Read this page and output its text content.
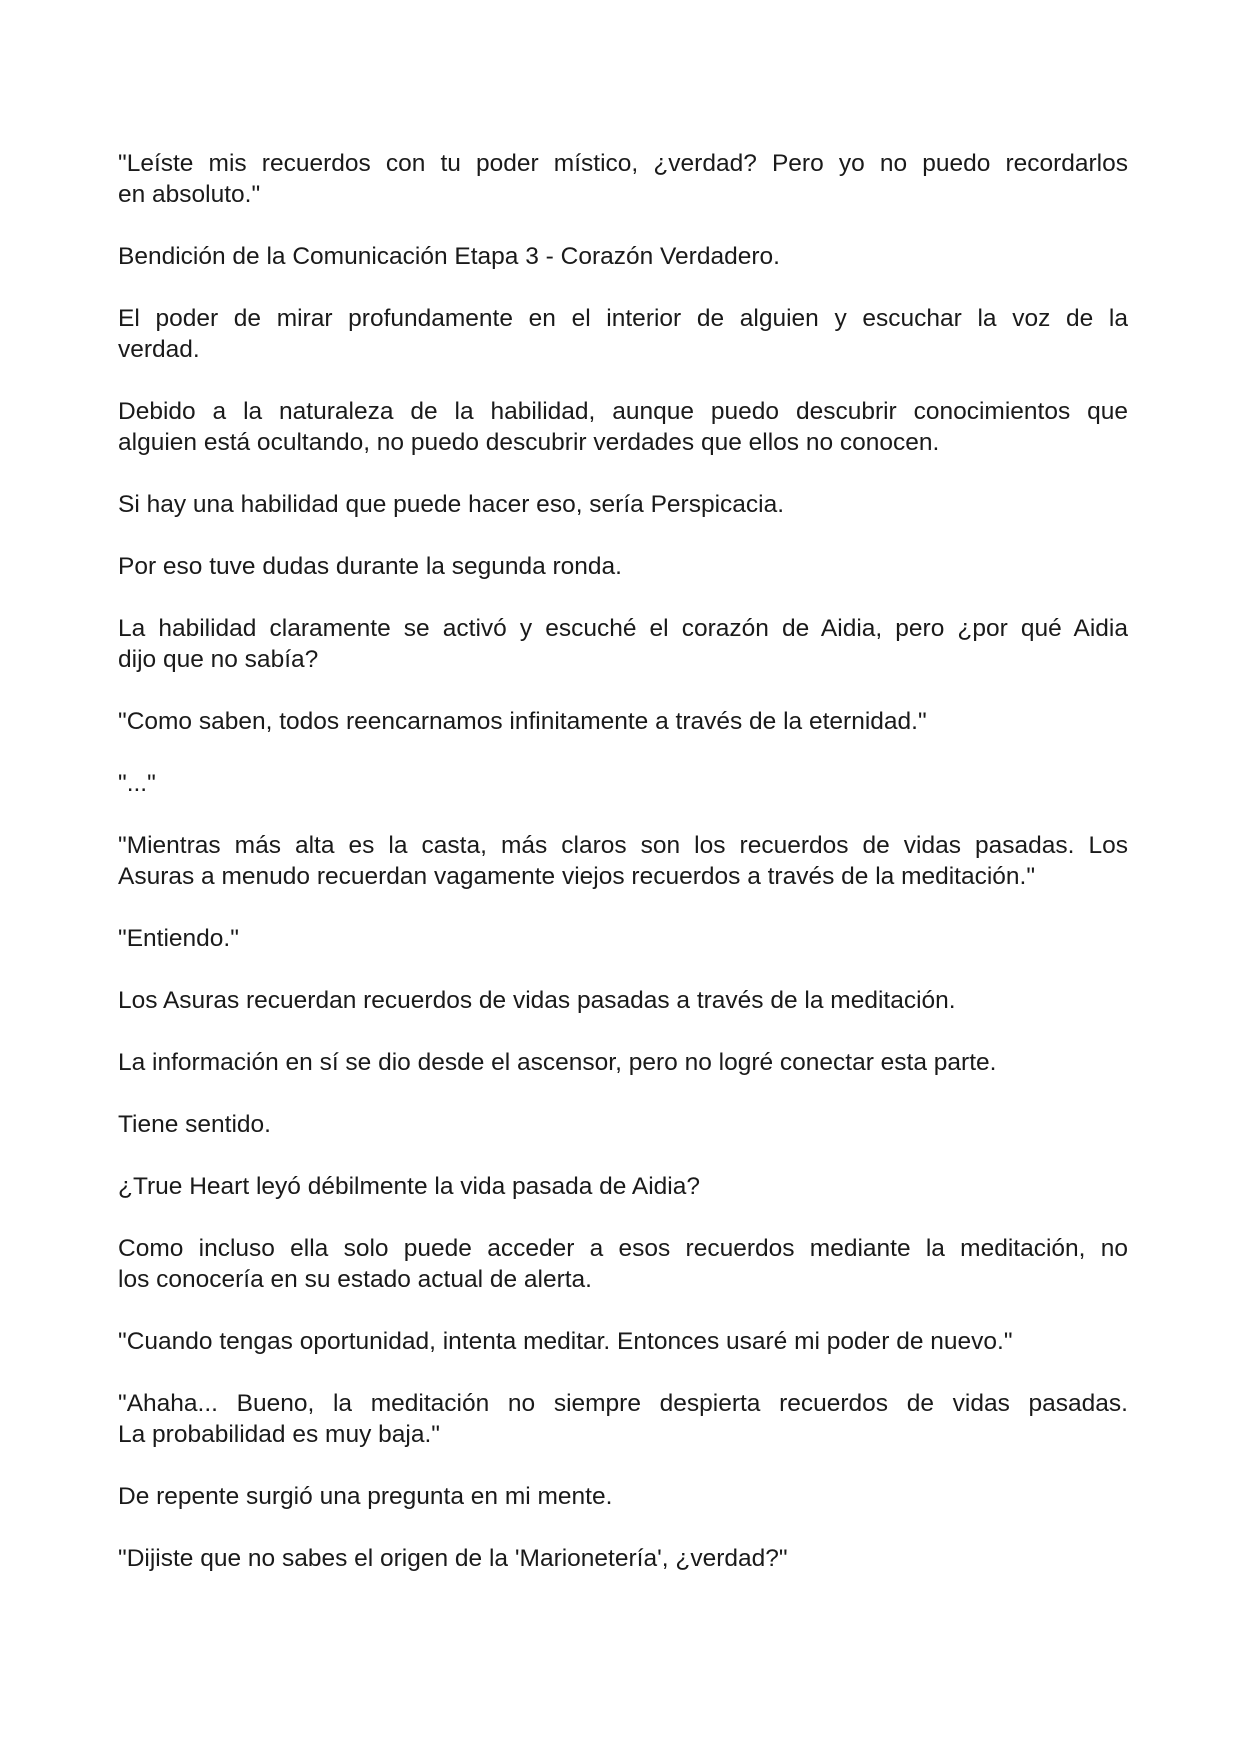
"Leíste mis recuerdos con tu poder místico, ¿verdad? Pero yo no puedo recordarlos
en absoluto."

Bendición de la Comunicación Etapa 3 - Corazón Verdadero.

El poder de mirar profundamente en el interior de alguien y escuchar la voz de la
verdad.

Debido a la naturaleza de la habilidad, aunque puedo descubrir conocimientos que
alguien está ocultando, no puedo descubrir verdades que ellos no conocen.

Si hay una habilidad que puede hacer eso, sería Perspicacia.

Por eso tuve dudas durante la segunda ronda.

La habilidad claramente se activó y escuché el corazón de Aidia, pero ¿por qué Aidia
dijo que no sabía?

"Como saben, todos reencarnamos infinitamente a través de la eternidad."

"..."

"Mientras más alta es la casta, más claros son los recuerdos de vidas pasadas. Los
Asuras a menudo recuerdan vagamente viejos recuerdos a través de la meditación."

"Entiendo."

Los Asuras recuerdan recuerdos de vidas pasadas a través de la meditación.

La información en sí se dio desde el ascensor, pero no logré conectar esta parte.

Tiene sentido.

¿True Heart leyó débilmente la vida pasada de Aidia?

Como incluso ella solo puede acceder a esos recuerdos mediante la meditación, no
los conocería en su estado actual de alerta.

"Cuando tengas oportunidad, intenta meditar. Entonces usaré mi poder de nuevo."

"Ahaha... Bueno, la meditación no siempre despierta recuerdos de vidas pasadas.
La probabilidad es muy baja."

De repente surgió una pregunta en mi mente.

"Dijiste que no sabes el origen de la 'Marionetería', ¿verdad?"
